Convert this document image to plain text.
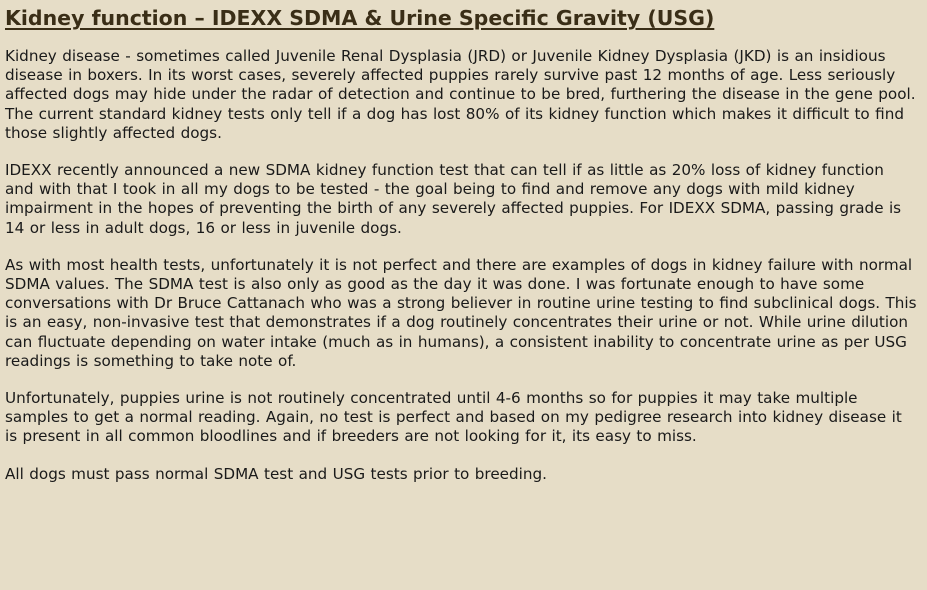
Kidney function – IDEXX SDMA & Urine Specific Gravity (USG)

Kidney disease - sometimes called Juvenile Renal Dysplasia (JRD) or Juvenile Kidney Dysplasia (JKD) is an insidious disease in boxers. In its worst cases, severely affected puppies rarely survive past 12 months of age. Less seriously affected dogs may hide under the radar of detection and continue to be bred, furthering the disease in the gene pool. The current standard kidney tests only tell if a dog has lost 80% of its kidney function which makes it difficult to find those slightly affected dogs.

IDEXX recently announced a new SDMA kidney function test that can tell if as little as 20% loss of kidney function and with that I took in all my dogs to be tested - the goal being to find and remove any dogs with mild kidney impairment in the hopes of preventing the birth of any severely affected puppies. For IDEXX SDMA, passing grade is 14 or less in adult dogs, 16 or less in juvenile dogs.

As with most health tests, unfortunately it is not perfect and there are examples of dogs in kidney failure with normal SDMA values. The SDMA test is also only as good as the day it was done. I was fortunate enough to have some conversations with Dr Bruce Cattanach who was a strong believer in routine urine testing to find subclinical dogs. This is an easy, non-invasive test that demonstrates if a dog routinely concentrates their urine or not. While urine dilution can fluctuate depending on water intake (much as in humans), a consistent inability to concentrate urine as per USG readings is something to take note of.

Unfortunately, puppies urine is not routinely concentrated until 4-6 months so for puppies it may take multiple samples to get a normal reading. Again, no test is perfect and based on my pedigree research into kidney disease it is present in all common bloodlines and if breeders are not looking for it, its easy to miss.

All dogs must pass normal SDMA test and USG tests prior to breeding.
